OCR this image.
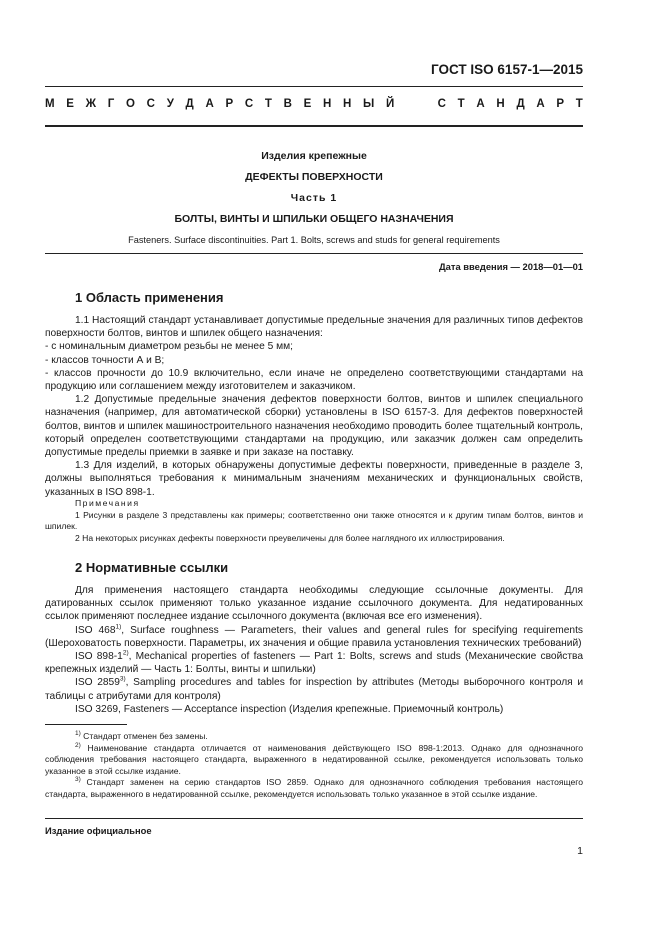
ГОСТ ISO 6157-1—2015
М Е Ж Г О С У Д А Р С Т В Е Н Н Ы Й	С Т А Н Д А Р Т
Изделия крепежные
ДЕФЕКТЫ ПОВЕРХНОСТИ
Часть 1
БОЛТЫ, ВИНТЫ И ШПИЛЬКИ ОБЩЕГО НАЗНАЧЕНИЯ
Fasteners. Surface discontinuities. Part 1. Bolts, screws and studs for general requirements
Дата введения — 2018—01—01
1 Область применения

1.1 Настоящий стандарт устанавливает допустимые предельные значения для различных типов дефектов поверхности болтов, винтов и шпилек общего назначения:

- с номинальным диаметром резьбы не менее 5 мм;

- классов точности А и В;

- классов прочности до 10.9 включительно, если иначе не определено соответствующими стандартами на продукцию или соглашением между изготовителем и заказчиком.

1.2 Допустимые предельные значения дефектов поверхности болтов, винтов и шпилек специального назначения (например, для автоматической сборки) установлены в ISO 6157-3. Для дефектов поверхностей болтов, винтов и шпилек машиностроительного назначения необходимо проводить более тщательный контроль, который определен соответствующими стандартами на продукцию, или заказчик должен сам определить допустимые пределы приемки в заявке и при заказе на поставку.

1.3 Для изделий, в которых обнаружены допустимые дефекты поверхности, приведенные в разделе 3, должны выполняться требования к минимальным значениям механических и функциональных свойств, указанных в ISO 898-1.

Примечания

1 Рисунки в разделе 3 представлены как примеры; соответственно они также относятся и к другим типам болтов, винтов и шпилек.

2 На некоторых рисунках дефекты поверхности преувеличены для более наглядного их иллюстрирования.

2 Нормативные ссылки

Для применения настоящего стандарта необходимы следующие ссылочные документы. Для датированных ссылок применяют только указанное издание ссылочного документа. Для недатированных ссылок применяют последнее издание ссылочного документа (включая все его изменения).

ISO 468$^{1)}$, Surface roughness — Parameters, their values and general rules for specifying requirements (Шероховатость поверхности. Параметры, их значения и общие правила установления технических требований)

ISO 898-1$^{2)}$, Mechanical properties of fasteners — Part 1: Bolts, screws and studs (Механические свойства крепежных изделий — Часть 1: Болты, винты и шпильки)

ISO 2859$^{3)}$, Sampling procedures and tables for inspection by attributes (Методы выборочного контроля и таблицы с атрибутами для контроля)

ISO 3269, Fasteners — Acceptance inspection (Изделия крепежные. Приемочный контроль)

$^{1)}$ Стандарт отменен без замены.

$^{2)}$ Наименование стандарта отличается от наименования действующего ISO 898-1:2013. Однако для однозначного соблюдения требования настоящего стандарта, выраженного в недатированной ссылке, рекомендуется использовать только указанное в этой ссылке издание.

$^{3)}$ Стандарт заменен на серию стандартов ISO 2859. Однако для однозначного соблюдения требования настоящего стандарта, выраженного в недатированной ссылке, рекомендуется использовать только указанное в этой ссылке издание.

Издание официальное
1
